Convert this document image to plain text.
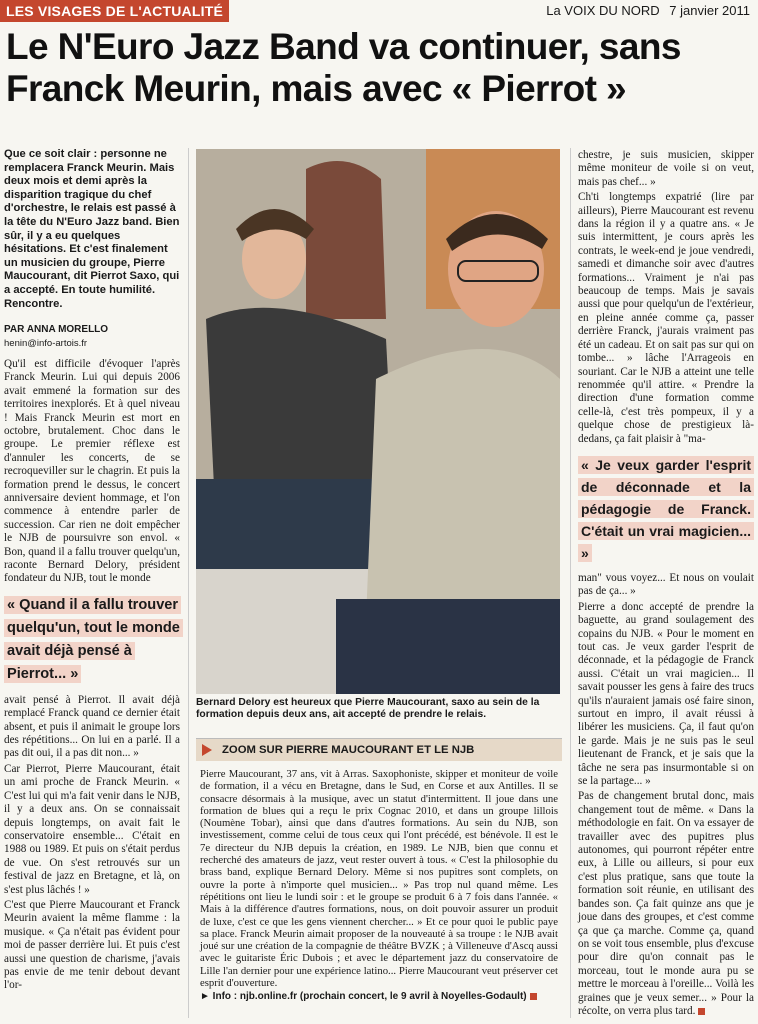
LES VISAGES DE L'ACTUALITÉ	La VOIX DU NORD 7 janvier 2011
Le N'Euro Jazz Band va continuer, sans Franck Meurin, mais avec « Pierrot »
Que ce soit clair : personne ne remplacera Franck Meurin. Mais deux mois et demi après la disparition tragique du chef d'orchestre, le relais est passé à la tête du N'Euro Jazz band. Bien sûr, il y a eu quelques hésitations. Et c'est finalement un musicien du groupe, Pierre Maucourant, dit Pierrot Saxo, qui a accepté. En toute humilité. Rencontre.
PAR ANNA MORELLO
henin@info-artois.fr

Qu'il est difficile d'évoquer l'après Franck Meurin. Lui qui depuis 2006 avait emmené la formation sur des territoires inexplorés. Et à quel niveau ! Mais Franck Meurin est mort en octobre, brutalement. Choc dans le groupe. Le premier réflexe est d'annuler les concerts, de se recroqueviller sur le chagrin. Et puis la formation prend le dessus, le concert anniversaire devient hommage, et l'on commence à entendre parler de succession. Car rien ne doit empêcher le NJB de poursuivre son envol. « Bon, quand il a fallu trouver quelqu'un, raconte Bernard Delory, président fondateur du NJB, tout le monde

« Quand il a fallu trouver quelqu'un, tout le monde avait déjà pensé à Pierrot... »

avait pensé à Pierrot. Il avait déjà remplacé Franck quand ce dernier était absent, et puis il animait le groupe lors des répétitions... On lui en a parlé. Il a pas dit oui, il a pas dit non... »

Car Pierrot, Pierre Maucourant, était un ami proche de Franck Meurin. « C'est lui qui m'a fait venir dans le NJB, il y a deux ans. On se connaissait depuis longtemps, on avait fait le conservatoire ensemble... C'était en 1988 ou 1989. Et puis on s'était perdus de vue. On s'est retrouvés sur un festival de jazz en Bretagne, et là, on s'est plus lâchés ! »

C'est que Pierre Maucourant et Franck Meurin avaient la même flamme : la musique. « Ça n'était pas évident pour moi de passer derrière lui. Et puis c'est aussi une question de charisme, j'avais pas envie de me tenir debout devant l'or-

Bernard Delory est heureux que Pierre Maucourant, saxo au sein de la formation depuis deux ans, ait accepté de prendre le relais.
ZOOM SUR PIERRE MAUCOURANT ET LE NJB
Pierre Maucourant, 37 ans, vit à Arras. Saxophoniste, skipper et moniteur de voile de formation, il a vécu en Bretagne, dans le Sud, en Corse et aux Antilles. Il se consacre désormais à la musique, avec un statut d'intermittent. Il joue dans une formation de blues qui a reçu le prix Cognac 2010, et dans un groupe lillois (Noumène Tobar), ainsi que dans d'autres formations. Au sein du NJB, son investissement, comme celui de tous ceux qui l'ont précédé, est bénévole. Il est le 7e directeur du NJB depuis la création, en 1989. Le NJB, bien que connu et recherché des amateurs de jazz, veut rester ouvert à tous. « C'est la philosophie du brass band, explique Bernard Delory. Même si nos pupitres sont complets, on ouvre la porte à n'importe quel musicien... » Pas trop nul quand même. Les répétitions ont lieu le lundi soir : et le groupe se produit 6 à 7 fois dans l'année. « Mais à la différence d'autres formations, nous, on doit pouvoir assurer un produit de luxe, c'est ce que les gens viennent chercher... » Et ce pour quoi le public paye sa place. Franck Meurin aimait proposer de la nouveauté à sa troupe : le NJB avait joué sur une création de la compagnie de théâtre BVZK ; à Villeneuve d'Ascq aussi avec le guitariste Éric Dubois ; et avec le département jazz du conservatoire de Lille l'an dernier pour une expérience latino... Pierre Maucourant veut préserver cet esprit d'ouverture.
► Info : njb.online.fr (prochain concert, le 9 avril à Noyelles-Godault)

chestre, je suis musicien, skipper même moniteur de voile si on veut, mais pas chef... »

Ch'ti longtemps expatrié (lire par ailleurs), Pierre Maucourant est revenu dans la région il y a quatre ans. « Je suis intermittent, je cours après les contrats, le week-end je joue vendredi, samedi et dimanche soir avec d'autres formations... Vraiment je n'ai pas beaucoup de temps. Mais je savais aussi que pour quelqu'un de l'extérieur, en pleine année comme ça, passer derrière Franck, j'aurais vraiment pas été un cadeau. Et on sait pas sur qui on tombe... » lâche l'Arrageois en souriant. Car le NJB a atteint une telle renommée qu'il attire. « Prendre la direction d'une formation comme celle-là, c'est très pompeux, il y a quelque chose de prestigieux là-dedans, ça fait plaisir à "ma-

« Je veux garder l'esprit de déconnade et la pédagogie de Franck. C'était un vrai magicien... »

man" vous voyez... Et nous on voulait pas de ça... »

Pierre a donc accepté de prendre la baguette, au grand soulagement des copains du NJB. « Pour le moment en tout cas. Je veux garder l'esprit de déconnade, et la pédagogie de Franck aussi. C'était un vrai magicien... Il savait pousser les gens à faire des trucs qu'ils n'auraient jamais osé faire sinon, surtout en impro, il avait réussi à libérer les musiciens. Ça, il faut qu'on le garde. Mais je ne suis pas le seul lieutenant de Franck, et je sais que la tâche ne sera pas insurmontable si on se la partage... »

Pas de changement brutal donc, mais changement tout de même. « Dans la méthodologie en fait. On va essayer de travailler avec des pupitres plus autonomes, qui pourront répéter entre eux, à Lille ou ailleurs, si pour eux c'est plus pratique, sans que toute la formation soit réunie, en utilisant des bandes son. Ça fait quinze ans que je joue dans des groupes, et c'est comme ça que ça marche. Comme ça, quand on se voit tous ensemble, plus d'excuse pour dire qu'on connait pas le morceau, tout le monde aura pu se mettre le morceau à l'oreille... Voilà les graines que je veux semer... » Pour la récolte, on verra plus tard.
